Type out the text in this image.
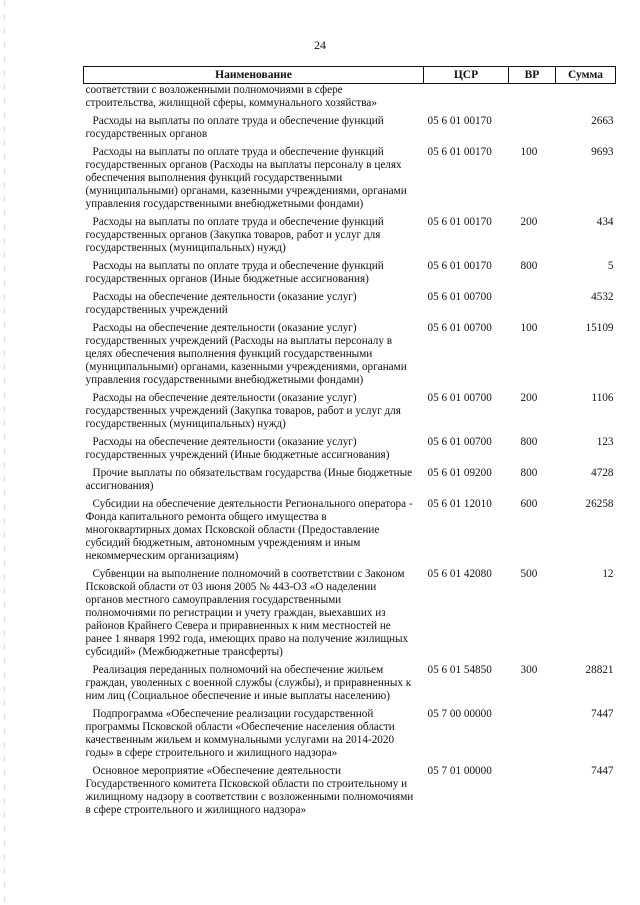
24
Наименование	ЦСР	ВР	Сумма
соответствии с возложенными полномочиями в сфере строительства, жилищной сферы, коммунального хозяйства»			
Расходы на выплаты по оплате труда и обеспечение функций государственных органов	05 6 01 00170		2663
Расходы на выплаты по оплате труда и обеспечение функций государственных органов (Расходы на выплаты персоналу в целях обеспечения выполнения функций государственными (муниципальными) органами, казенными учреждениями, органами управления государственными внебюджетными фондами)	05 6 01 00170	100	9693
Расходы на выплаты по оплате труда и обеспечение функций государственных органов (Закупка товаров, работ и услуг для государственных (муниципальных) нужд)	05 6 01 00170	200	434
Расходы на выплаты по оплате труда и обеспечение функций государственных органов (Иные бюджетные ассигнования)	05 6 01 00170	800	5
Расходы на обеспечение деятельности (оказание услуг) государственных учреждений	05 6 01 00700		4532
Расходы на обеспечение деятельности (оказание услуг) государственных учреждений (Расходы на выплаты персоналу в целях обеспечения выполнения функций государственными (муниципальными) органами, казенными учреждениями, органами управления государственными внебюджетными фондами)	05 6 01 00700	100	15109
Расходы на обеспечение деятельности (оказание услуг) государственных учреждений (Закупка товаров, работ и услуг для государственных (муниципальных) нужд)	05 6 01 00700	200	1106
Расходы на обеспечение деятельности (оказание услуг) государственных учреждений (Иные бюджетные ассигнования)	05 6 01 00700	800	123
Прочие выплаты по обязательствам государства (Иные бюджетные ассигнования)	05 6 01 09200	800	4728
Субсидии на обеспечение деятельности Регионального оператора - Фонда капитального ремонта общего имущества в многоквартирных домах Псковской области (Предоставление субсидий бюджетным, автономным учреждениям и иным некоммерческим организациям)	05 6 01 12010	600	26258
Субвенции на выполнение полномочий в соответствии с Законом Псковской области от 03 июня 2005 № 443-ОЗ «О наделении органов местного самоуправления государственными полномочиями по регистрации и учету граждан, выехавших из районов Крайнего Севера и приравненных к ним местностей не ранее 1 января 1992 года, имеющих право на получение жилищных субсидий» (Межбюджетные трансферты)	05 6 01 42080	500	12
Реализация переданных полномочий на обеспечение жильем граждан, уволенных с военной службы (службы), и приравненных к ним лиц (Социальное обеспечение и иные выплаты населению)	05 6 01 54850	300	28821
Подпрограмма «Обеспечение реализации государственной программы Псковской области «Обеспечение населения области качественным жильем и коммунальными услугами на 2014-2020 годы» в сфере строительного и жилищного надзора»	05 7 00 00000		7447
Основное мероприятие «Обеспечение деятельности Государственного комитета Псковской области по строительному и жилищному надзору в соответствии с возложенными полномочиями в сфере строительного и жилищного надзора»	05 7 01 00000		7447
